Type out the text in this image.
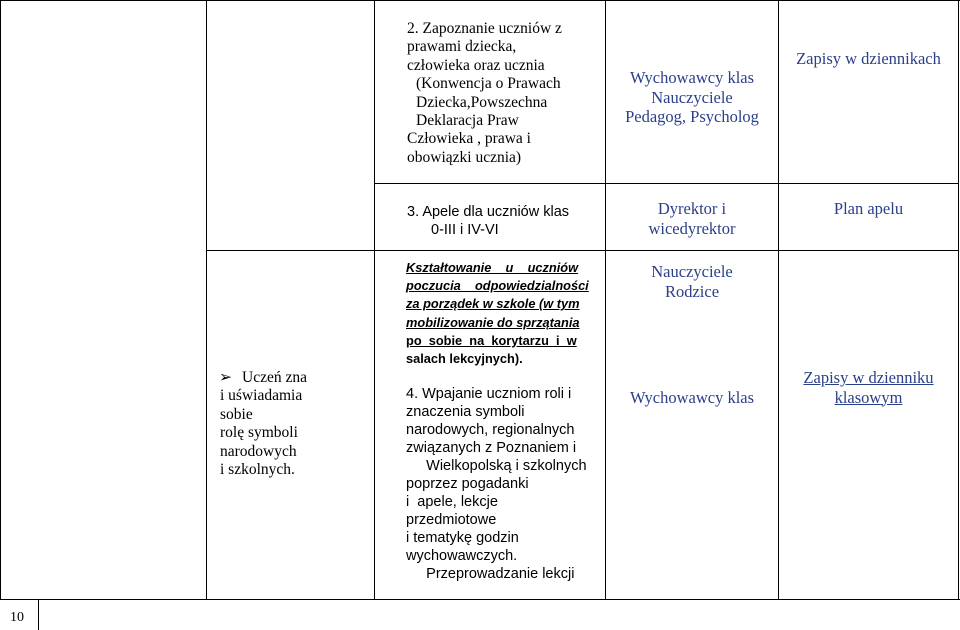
2. Zapoznanie uczniów z
prawami dziecka,
człowieka oraz ucznia
(Konwencja o Prawach
Dziecka,Powszechna
Deklaracja Praw
Człowieka , prawa i
obowiązki ucznia)
Wychowawcy klas
Nauczyciele
Pedagog, Psycholog
Zapisy w dziennikach
3. Apele dla uczniów klas
0-III i IV-VI
Dyrektor i
wicedyrektor
Plan apelu
➢ Uczeń zna
i uświadamia
sobie
rolę symboli
narodowych
i szkolnych.
Kształtowanie    u    uczniów
poczucia    odpowiedzialności
za porządek w szkole (w tym
mobilizowanie do sprzątania
po  sobie  na  korytarzu  i  w
salach lekcyjnych).
Nauczyciele
Rodzice
4. Wpajanie uczniom roli i
znaczenia symboli
narodowych, regionalnych
związanych z Poznaniem i
Wielkopolską i szkolnych
poprzez pogadanki
i  apele, lekcje
przedmiotowe
i tematykę godzin
wychowawczych.
Przeprowadzanie lekcji
Wychowawcy klas
Zapisy w dzienniku
klasowym
10
